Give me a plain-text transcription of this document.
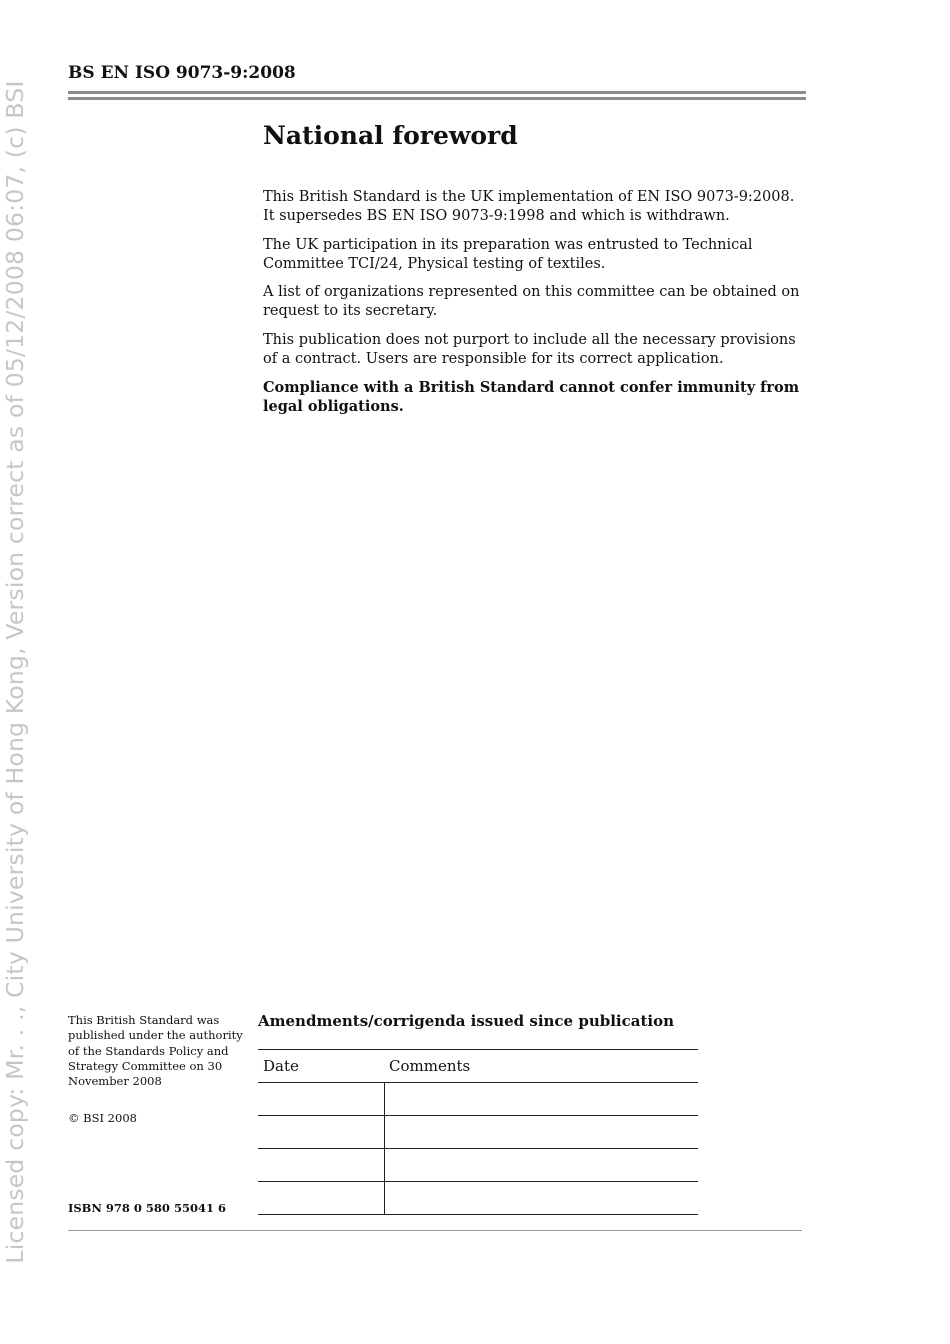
Licensed copy: Mr. . ., City University of Hong Kong, Version correct as of 05/12/2008 06:07, (c) BSI
BS EN ISO 9073-9:2008
National foreword

This British Standard is the UK implementation of EN ISO 9073-9:2008. It supersedes BS EN ISO 9073-9:1998 and which is withdrawn.

The UK participation in its preparation was entrusted to Technical Committee TCI/24, Physical testing of textiles.

A list of organizations represented on this committee can be obtained on request to its secretary.

This publication does not purport to include all the necessary provisions of a contract. Users are responsible for its correct application.

Compliance with a British Standard cannot confer immunity from legal obligations.

This British Standard was published under the authority of the Standards Policy and Strategy Committee on 30 November 2008

© BSI 2008
ISBN 978 0 580 55041 6
Amendments/corrigenda issued since publication
Date	Comments
